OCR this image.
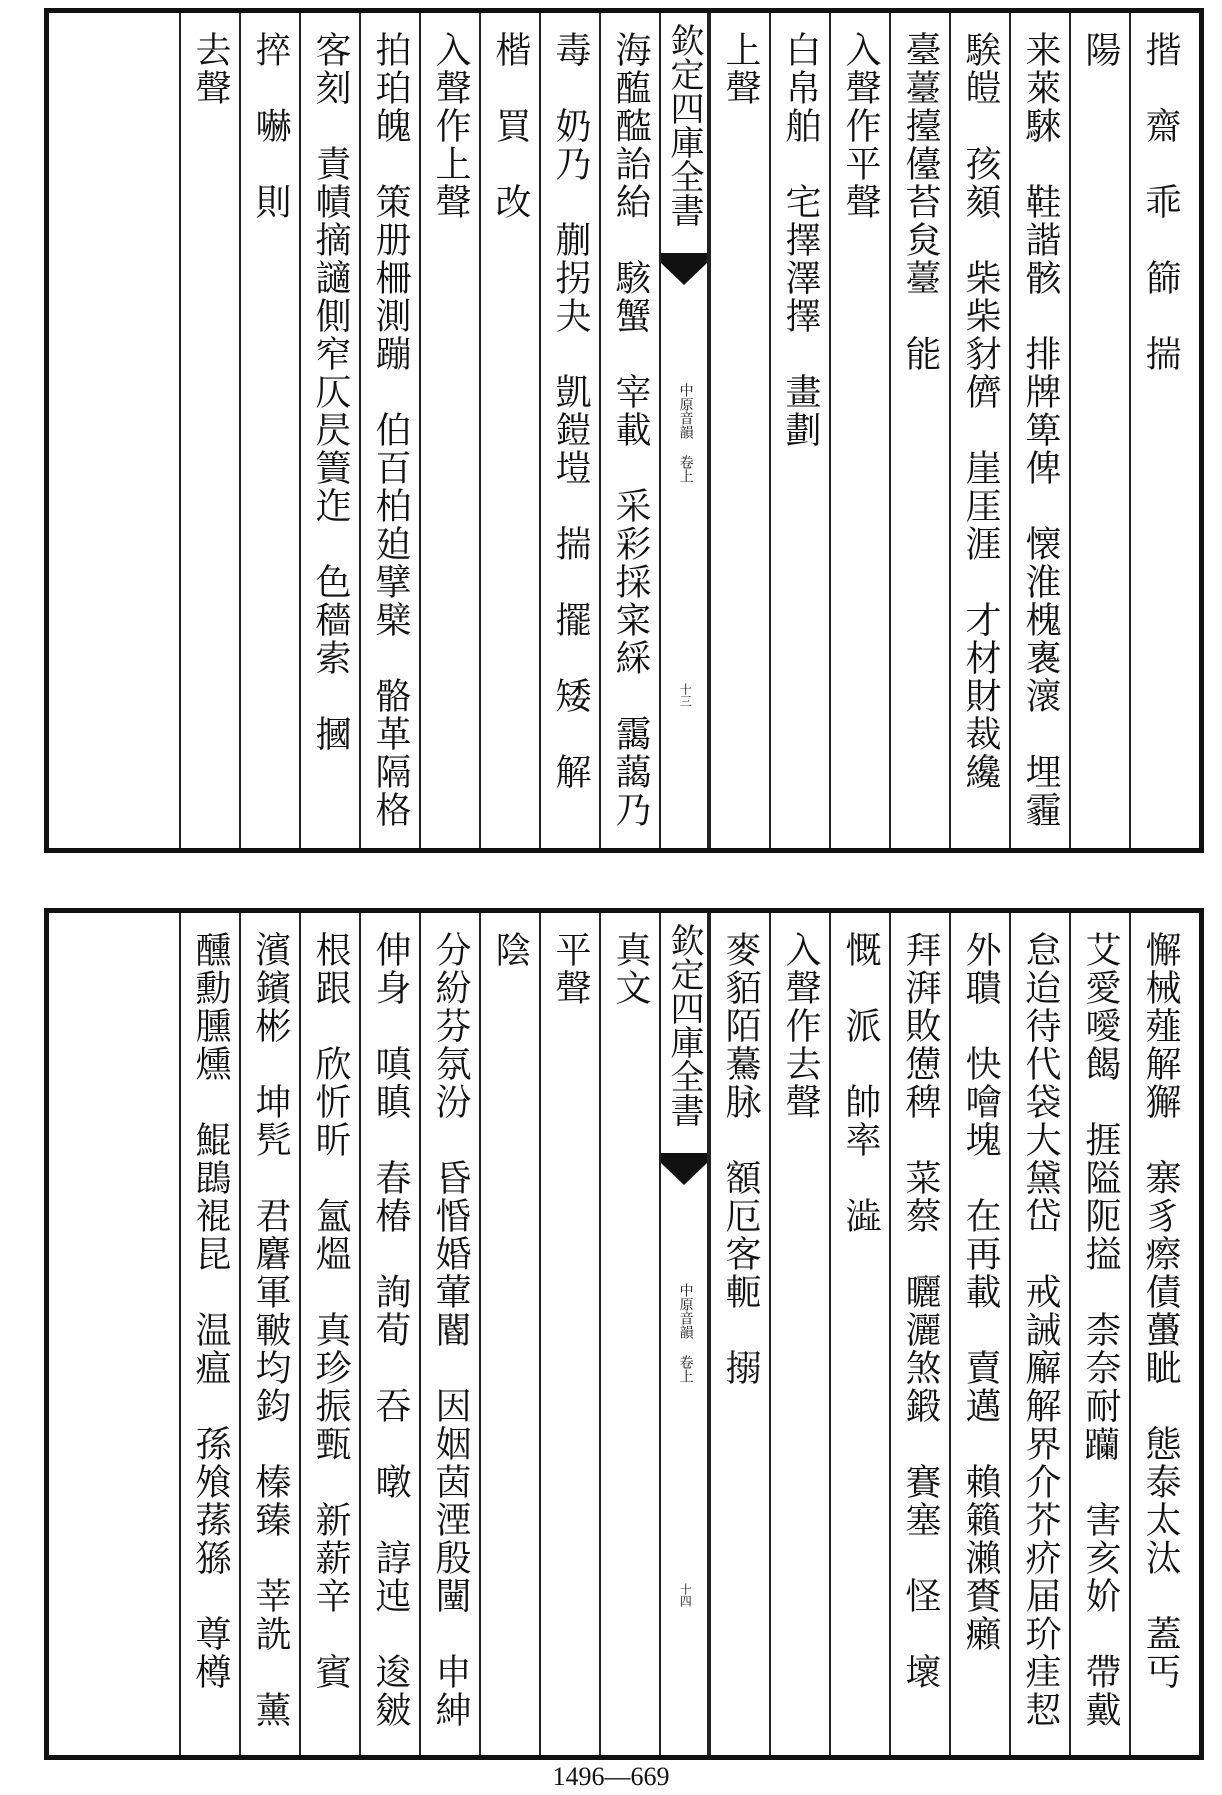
揩　齋　乖　篩　揣
陽
来萊騋　鞋諧骸　排牌箄俾　懐淮槐褢瀤　埋霾
騃皚　孩頦　柴柴豺儕　崖厓涯　才材財裁纔
臺薹擡儓苔炱薹　能
入聲作平聲
白帛舶　宅擇澤擇　畫劃
上聲
海醢醓詒紿　駭蟹　宰載　采彩採寀綵　靄藹乃
毒　奶乃　蒯拐夬　凱鎧塏　揣　擺　矮　解
楷　買　改
入聲作上聲
拍珀魄　策册柵測蹦　伯百柏廹擘檗　骼革隔格
客刻　責幘摘讁側窄仄昃簀迮　色穡索　摑
捽　嚇　則
去聲	欽定四庫全書
中原音韻 卷上
十三
懈械薤解獬　寨豸瘵債蠆眦　態泰太汰　蓋丐
艾愛噯餲　捱隘阨搤　柰奈耐𨈆　害亥妎　帶戴
怠迨待代袋大黛岱　戒誡廨解界介芥疥届玠㾏恝
外聵　快噲塊　在再載　賣邁　賴籟瀨賚癩
拜湃敗憊稗　菜蔡　曬灑煞鍛　賽塞　怪　壞
慨　派　帥率　澁
入聲作去聲
麥貊陌驀脉　額厄客軛　搦
真文
平聲
陰
分紛芬氛汾　昏惛婚葷閽　因姻茵湮殷闉　申紳
伸身　嗔瞋　春椿　詢荀　吞　暾　諄迍　逡皴
根跟　欣忻昕　氳熅　真珍振甄　新薪辛　賓
濱鑌彬　坤髠　君麏軍皸均鈞　榛臻　莘詵　薰
醺勳臐燻　鯤鵾裩昆　温瘟　孫飧蓀猻　尊樽	欽定四庫全書
中原音韻 卷上
十四
1496—669
